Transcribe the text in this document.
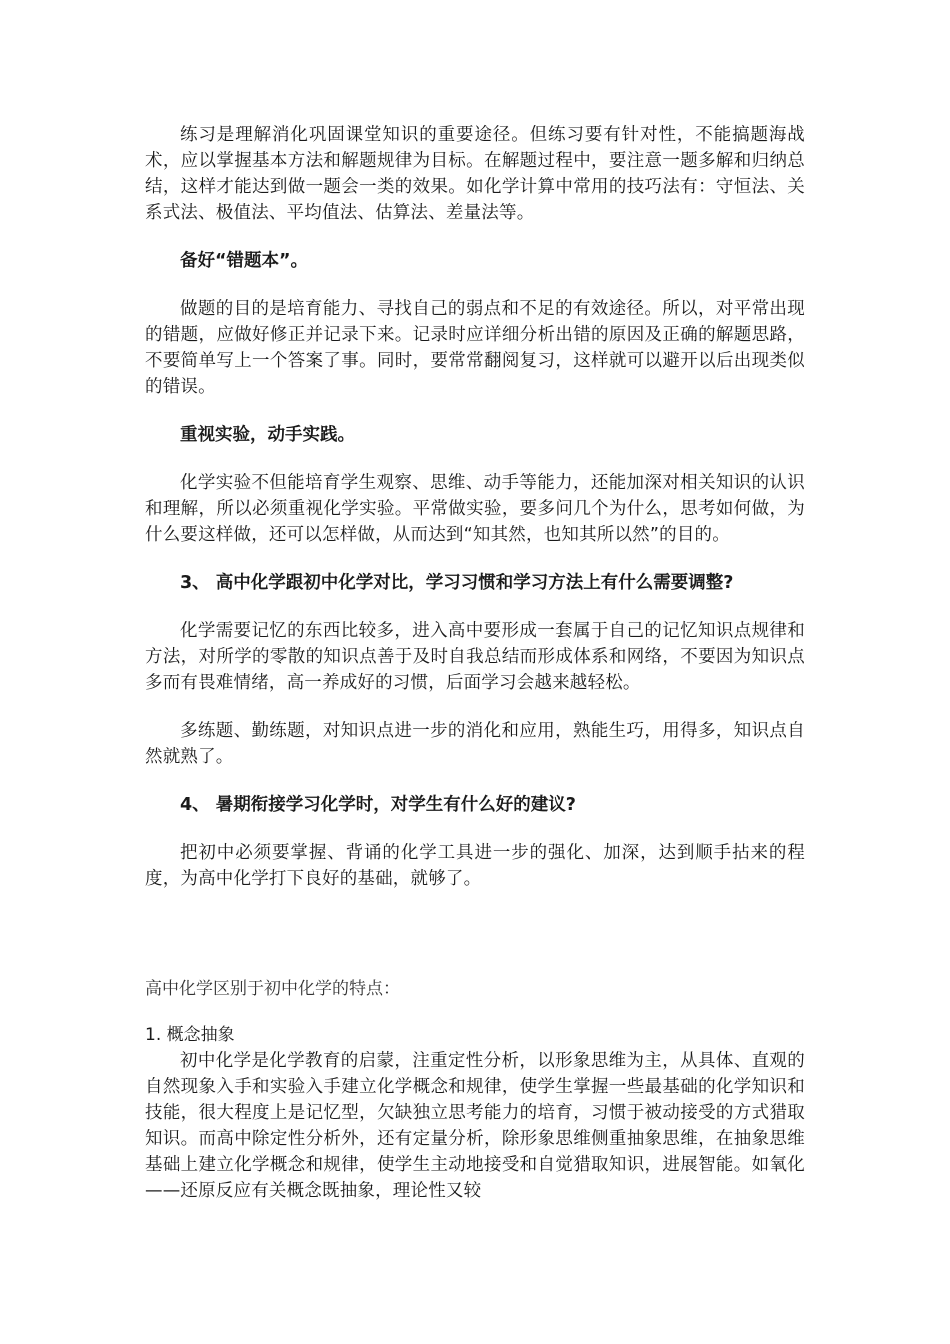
练习是理解消化巩固课堂知识的重要途径。但练习要有针对性，不能搞题海战术，应以掌握基本方法和解题规律为目标。在解题过程中，要注意一题多解和归纳总结，这样才能达到做一题会一类的效果。如化学计算中常用的技巧法有：守恒法、关系式法、极值法、平均值法、估算法、差量法等。

备好“错题本”。

做题的目的是培育能力、寻找自己的弱点和不足的有效途径。所以，对平常出现的错题，应做好修正并记录下来。记录时应详细分析出错的原因及正确的解题思路，不要简单写上一个答案了事。同时，要常常翻阅复习，这样就可以避开以后出现类似的错误。

重视实验，动手实践。

化学实验不但能培育学生观察、思维、动手等能力，还能加深对相关知识的认识和理解，所以必须重视化学实验。平常做实验，要多问几个为什么，思考如何做，为什么要这样做，还可以怎样做，从而达到“知其然，也知其所以然”的目的。

3、 高中化学跟初中化学对比，学习习惯和学习方法上有什么需要调整?

化学需要记忆的东西比较多，进入高中要形成一套属于自己的记忆知识点规律和方法，对所学的零散的知识点善于及时自我总结而形成体系和网络，不要因为知识点多而有畏难情绪，高一养成好的习惯，后面学习会越来越轻松。

多练题、勤练题，对知识点进一步的消化和应用，熟能生巧，用得多，知识点自然就熟了。

4、 暑期衔接学习化学时，对学生有什么好的建议?

把初中必须要掌握、背诵的化学工具进一步的强化、加深，达到顺手拈来的程度，为高中化学打下良好的基础，就够了。

高中化学区别于初中化学的特点：

1. 概念抽象

初中化学是化学教育的启蒙，注重定性分析，以形象思维为主，从具体、直观的自然现象入手和实验入手建立化学概念和规律，使学生掌握一些最基础的化学知识和技能，很大程度上是记忆型，欠缺独立思考能力的培育，习惯于被动接受的方式猎取知识。而高中除定性分析外，还有定量分析，除形象思维侧重抽象思维，在抽象思维基础上建立化学概念和规律，使学生主动地接受和自觉猎取知识，进展智能。如氧化——还原反应有关概念既抽象，理论性又较
